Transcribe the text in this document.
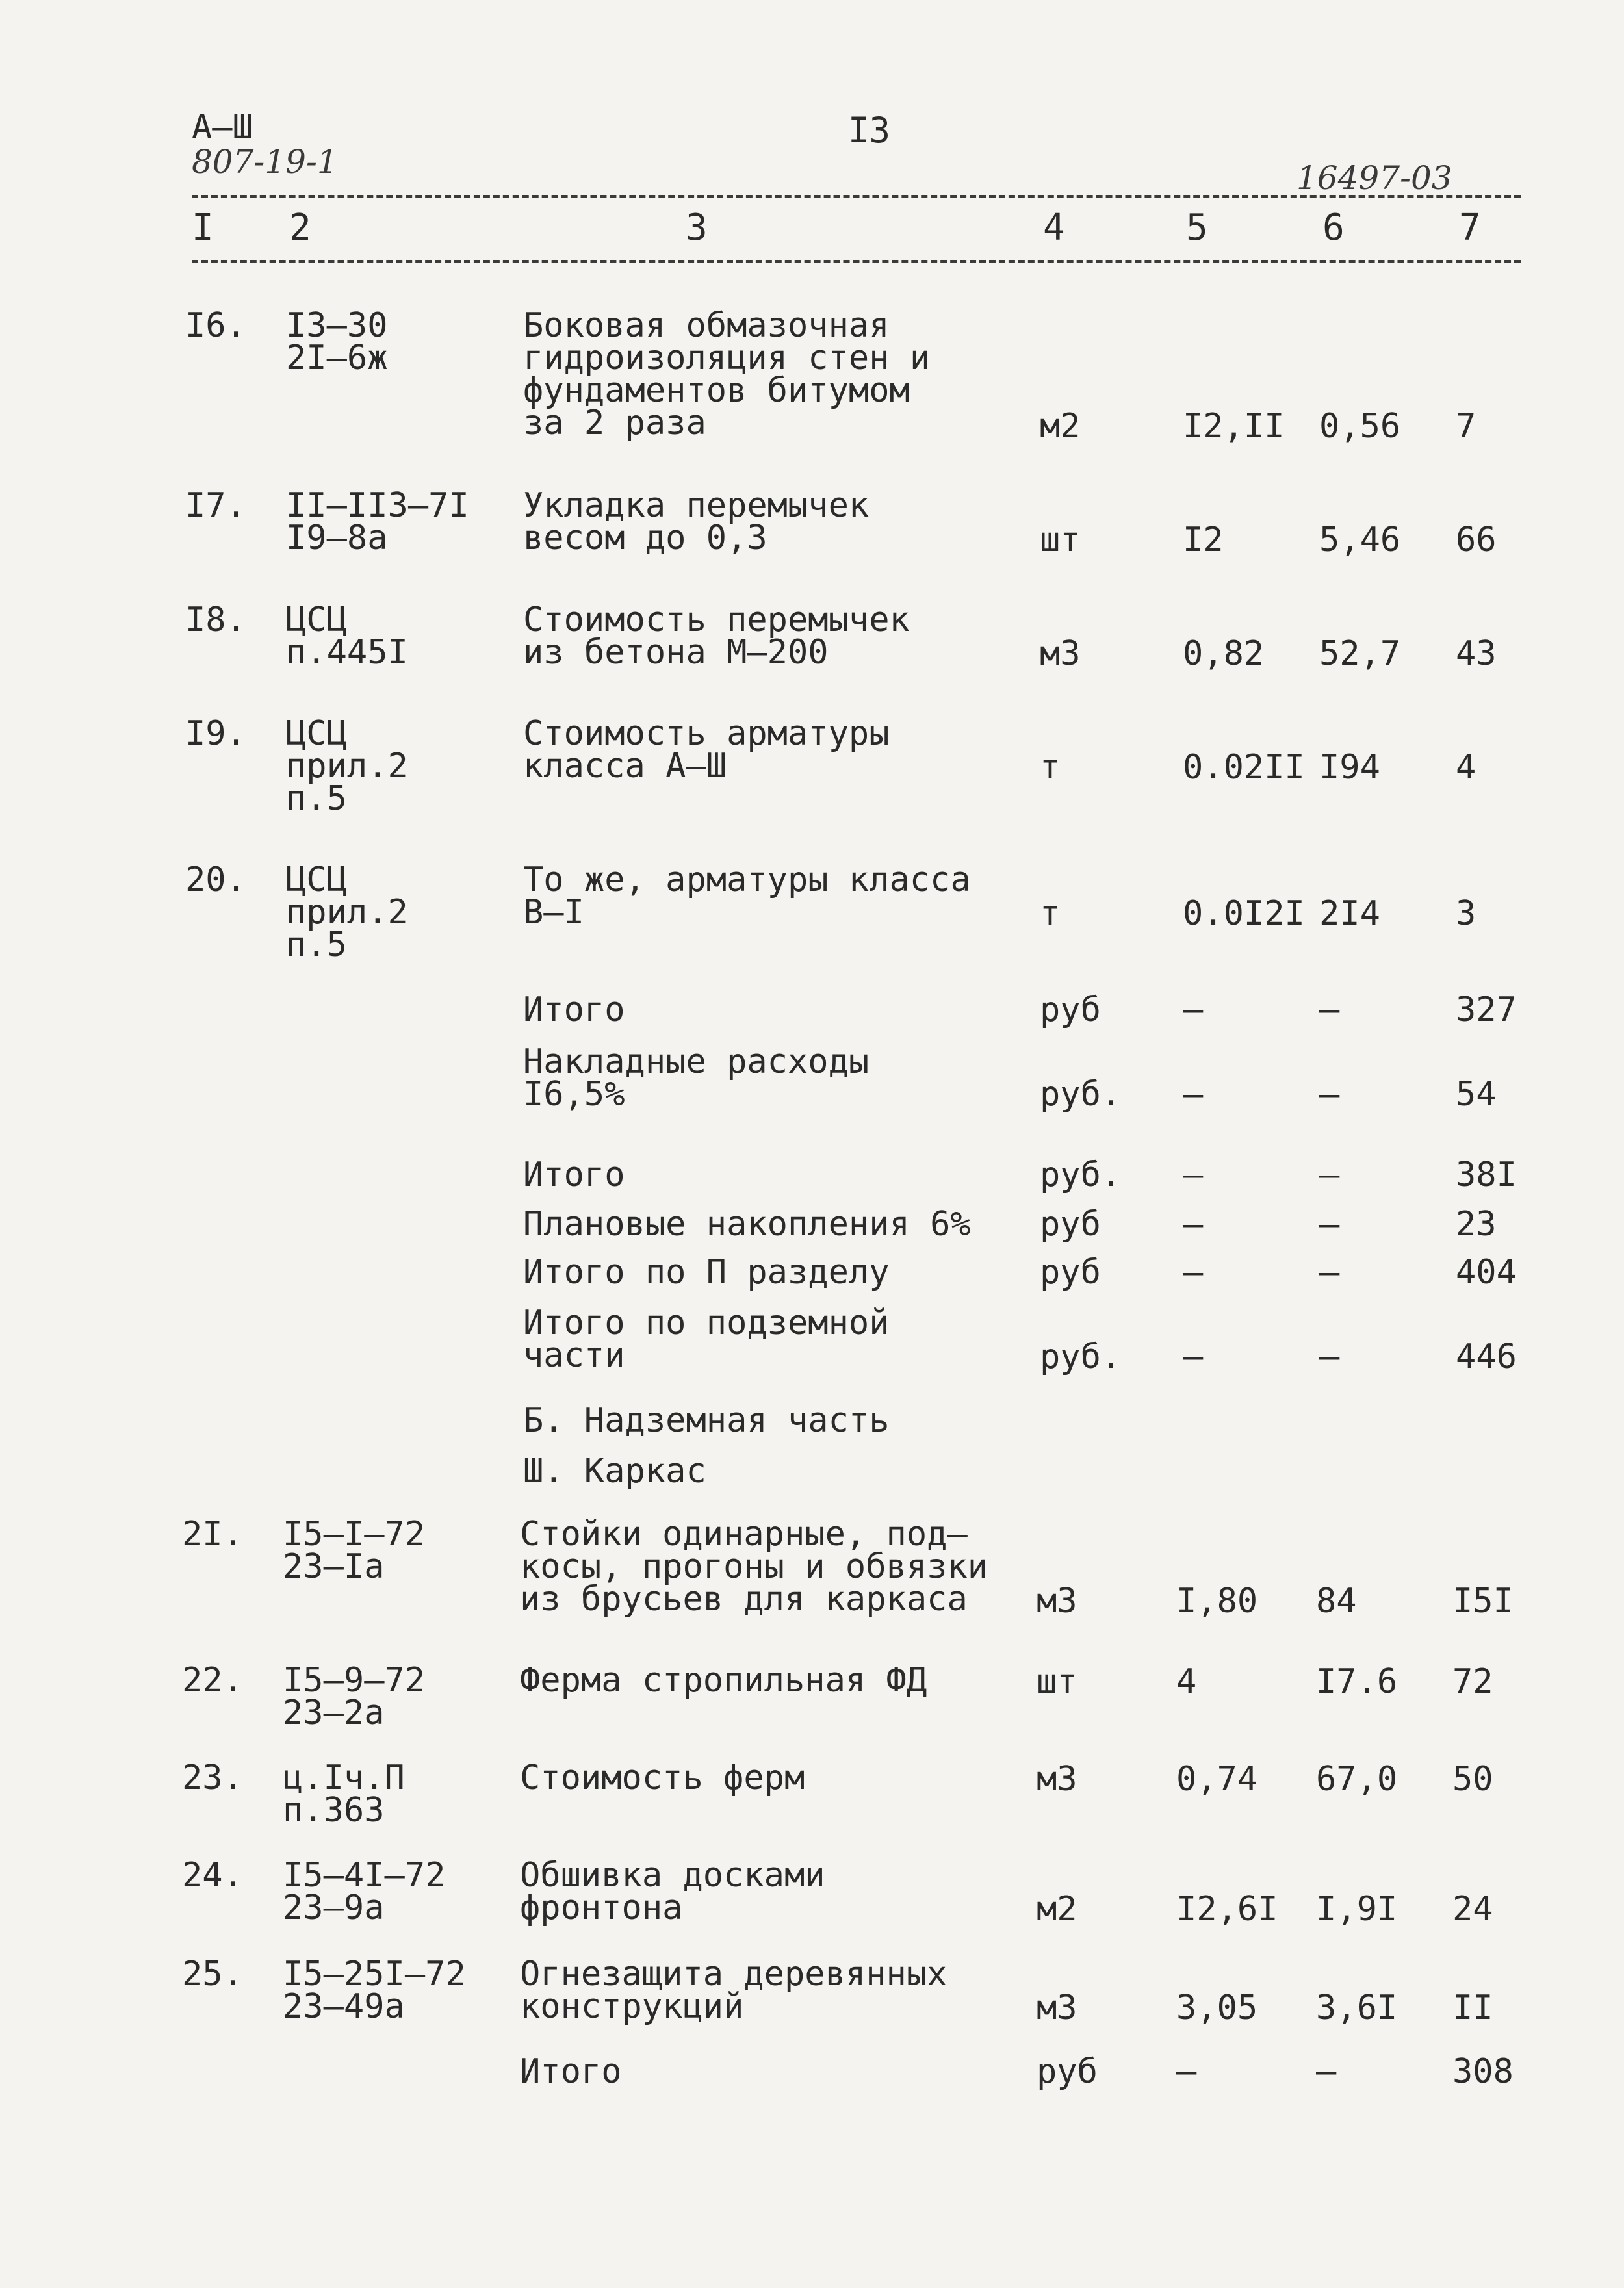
А–Ш
807-19-1
I3
16497-03
I 2	3	4	5	6	7
I6. I3–30
2I–6ж
Боковая обмазочная
гидроизоляция стен и
фундаментов битумом
за 2 раза	м2	I2,II 0,56 7
I7. II–II3–7I
I9–8а
Укладка перемычек
весом до 0,3	шт	I2	5,46 66
I8. ЦСЦ
п.445I
Стоимость перемычек
из бетона М–200	м3	0,82 52,7 43
I9. ЦСЦ
прил.2
п.5
Стоимость арматуры
класса А–Ш	т	0.02II I94 4
20. ЦСЦ
прил.2
п.5
То же, арматуры класса
В–I	т	0.0I2I 2I4 3
Итого	руб –	–	327
Накладные расходы
I6,5%	руб. –	–	54
Итого	руб. –	–	38I
Плановые накопления 6% руб –	–	23
Итого по П разделу	руб –	–	404
Итого по подземной
части	руб. –	–	446
Б. Надземная часть
Ш. Каркас
2I. I5–I–72
23–Iа
Стойки одинарные, под–
косы, прогоны и обвязки
из брусьев для каркаса м3	I,80 84	I5I
22. I5–9–72
23–2а
Ферма стропильная ФД	шт	4	I7.6 72
23. ц.Iч.П
п.363
Стоимость ферм	м3	0,74 67,0 50
24. I5–4I–72
23–9а
Обшивка досками
фронтона	м2	I2,6I I,9I 24
25. I5–25I–72
23–49а
Огнезащита деревянных
конструкций	м3	3,05 3,6I II
Итого	руб –	–	308
